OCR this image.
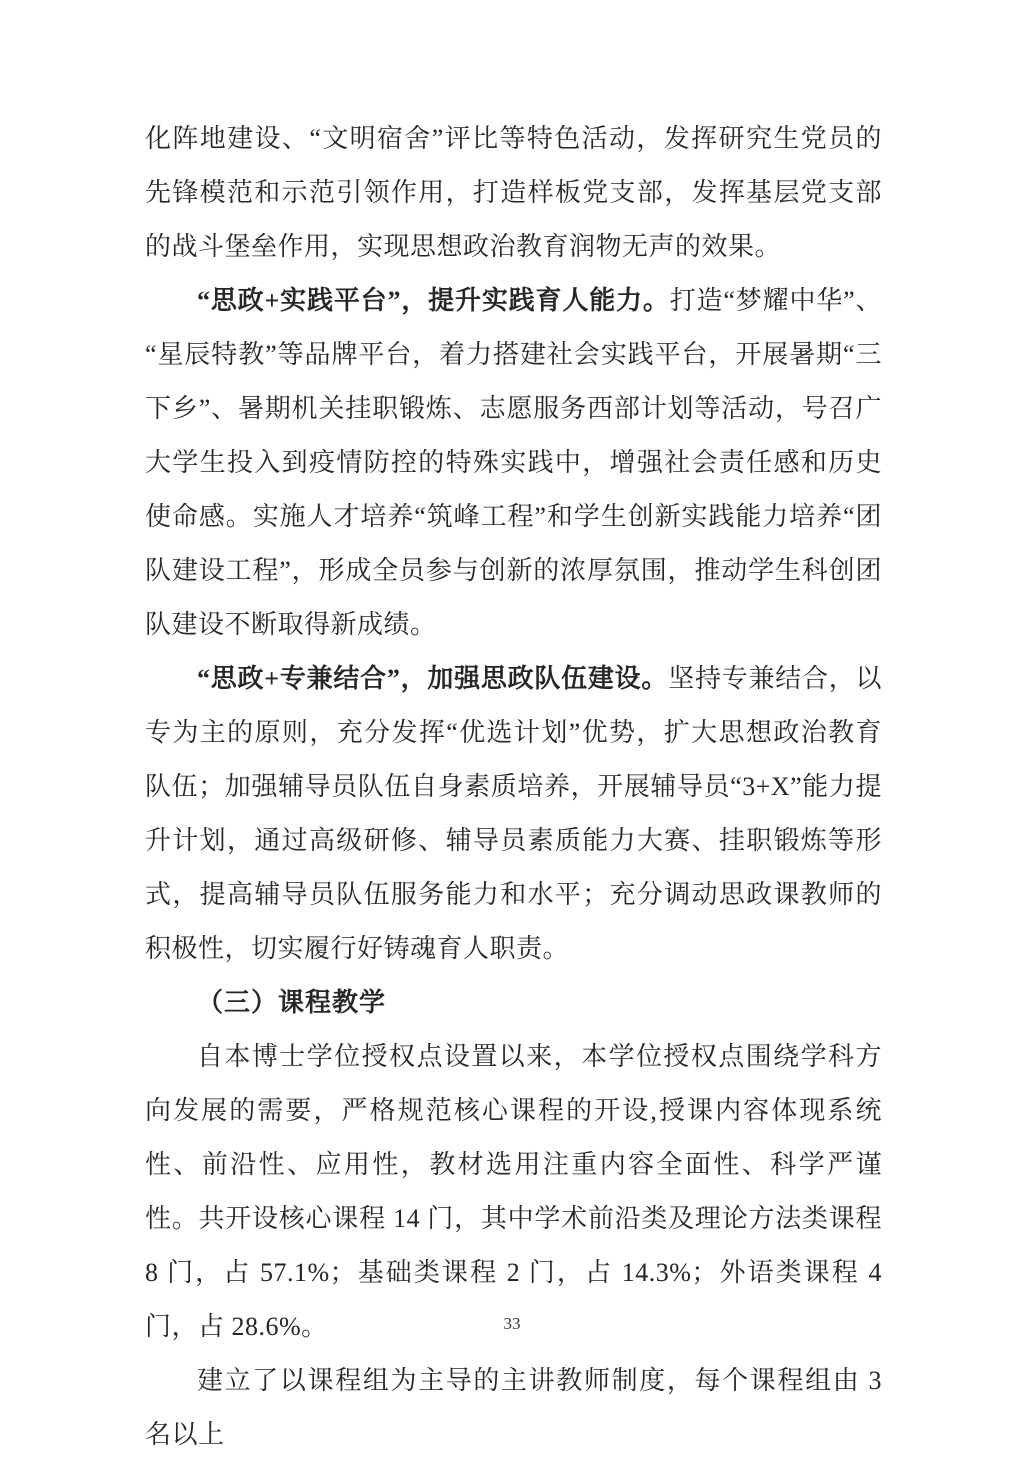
化阵地建设、“文明宿舍”评比等特色活动，发挥研究生党员的先锋模范和示范引领作用，打造样板党支部，发挥基层党支部的战斗堡垒作用，实现思想政治教育润物无声的效果。

“思政+实践平台”，提升实践育人能力。打造“梦耀中华”、“星辰特教”等品牌平台，着力搭建社会实践平台，开展暑期“三下乡”、暑期机关挂职锻炼、志愿服务西部计划等活动，号召广大学生投入到疫情防控的特殊实践中，增强社会责任感和历史使命感。实施人才培养“筑峰工程”和学生创新实践能力培养“团队建设工程”，形成全员参与创新的浓厚氛围，推动学生科创团队建设不断取得新成绩。

“思政+专兼结合”，加强思政队伍建设。坚持专兼结合，以专为主的原则，充分发挥“优选计划”优势，扩大思想政治教育队伍；加强辅导员队伍自身素质培养，开展辅导员“3+X”能力提升计划，通过高级研修、辅导员素质能力大赛、挂职锻炼等形式，提高辅导员队伍服务能力和水平；充分调动思政课教师的积极性，切实履行好铸魂育人职责。

（三）课程教学

自本博士学位授权点设置以来，本学位授权点围绕学科方向发展的需要，严格规范核心课程的开设,授课内容体现系统性、前沿性、应用性，教材选用注重内容全面性、科学严谨性。共开设核心课程 14 门，其中学术前沿类及理论方法类课程 8 门，占 57.1%；基础类课程 2 门，占 14.3%；外语类课程 4 门，占 28.6%。

建立了以课程组为主导的主讲教师制度，每个课程组由 3 名以上

33
